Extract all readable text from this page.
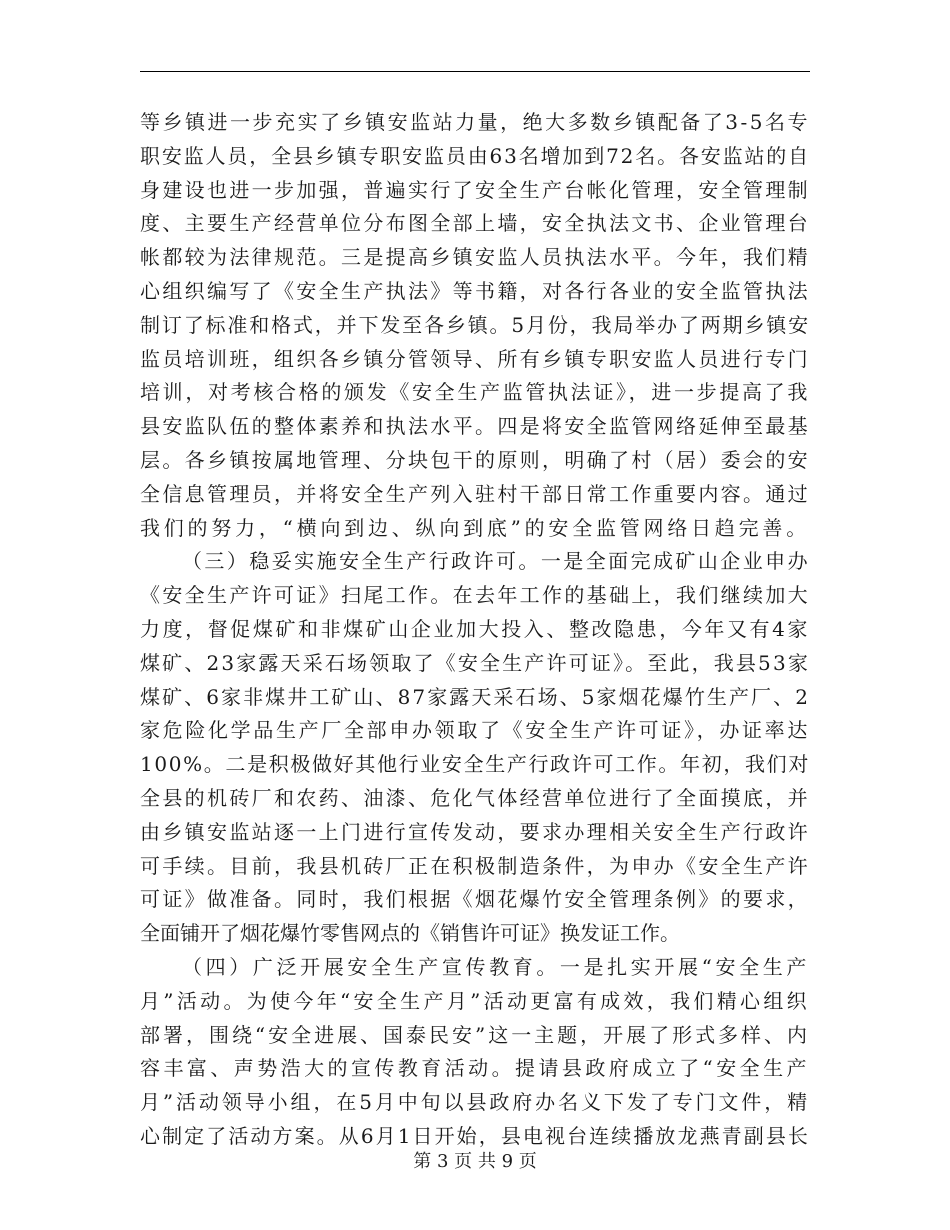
等乡镇进一步充实了乡镇安监站力量，绝大多数乡镇配备了3-5名专
职安监人员，全县乡镇专职安监员由63名增加到72名。各安监站的自
身建设也进一步加强，普遍实行了安全生产台帐化管理，安全管理制
度、主要生产经营单位分布图全部上墙，安全执法文书、企业管理台
帐都较为法律规范。三是提高乡镇安监人员执法水平。今年，我们精
心组织编写了《安全生产执法》等书籍，对各行各业的安全监管执法
制订了标准和格式，并下发至各乡镇。5月份，我局举办了两期乡镇安
监员培训班，组织各乡镇分管领导、所有乡镇专职安监人员进行专门
培训，对考核合格的颁发《安全生产监管执法证》，进一步提高了我
县安监队伍的整体素养和执法水平。四是将安全监管网络延伸至最基
层。各乡镇按属地管理、分块包干的原则，明确了村（居）委会的安
全信息管理员，并将安全生产列入驻村干部日常工作重要内容。通过
我们的努力，“横向到边、纵向到底”的安全监管网络日趋完善。
（三）稳妥实施安全生产行政许可。一是全面完成矿山企业申办
《安全生产许可证》扫尾工作。在去年工作的基础上，我们继续加大
力度，督促煤矿和非煤矿山企业加大投入、整改隐患，今年又有4家
煤矿、23家露天采石场领取了《安全生产许可证》。至此，我县53家
煤矿、6家非煤井工矿山、87家露天采石场、5家烟花爆竹生产厂、2
家危险化学品生产厂全部申办领取了《安全生产许可证》，办证率达
100%。二是积极做好其他行业安全生产行政许可工作。年初，我们对
全县的机砖厂和农药、油漆、危化气体经营单位进行了全面摸底，并
由乡镇安监站逐一上门进行宣传发动，要求办理相关安全生产行政许
可手续。目前，我县机砖厂正在积极制造条件，为申办《安全生产许
可证》做准备。同时，我们根据《烟花爆竹安全管理条例》的要求，
全面铺开了烟花爆竹零售网点的《销售许可证》换发证工作。
（四）广泛开展安全生产宣传教育。一是扎实开展“安全生产
月”活动。为使今年“安全生产月”活动更富有成效，我们精心组织
部署，围绕“安全进展、国泰民安”这一主题，开展了形式多样、内
容丰富、声势浩大的宣传教育活动。提请县政府成立了“安全生产
月”活动领导小组，在5月中旬以县政府办名义下发了专门文件，精
心制定了活动方案。从6月1日开始，县电视台连续播放龙燕青副县长
第 3 页 共 9 页
